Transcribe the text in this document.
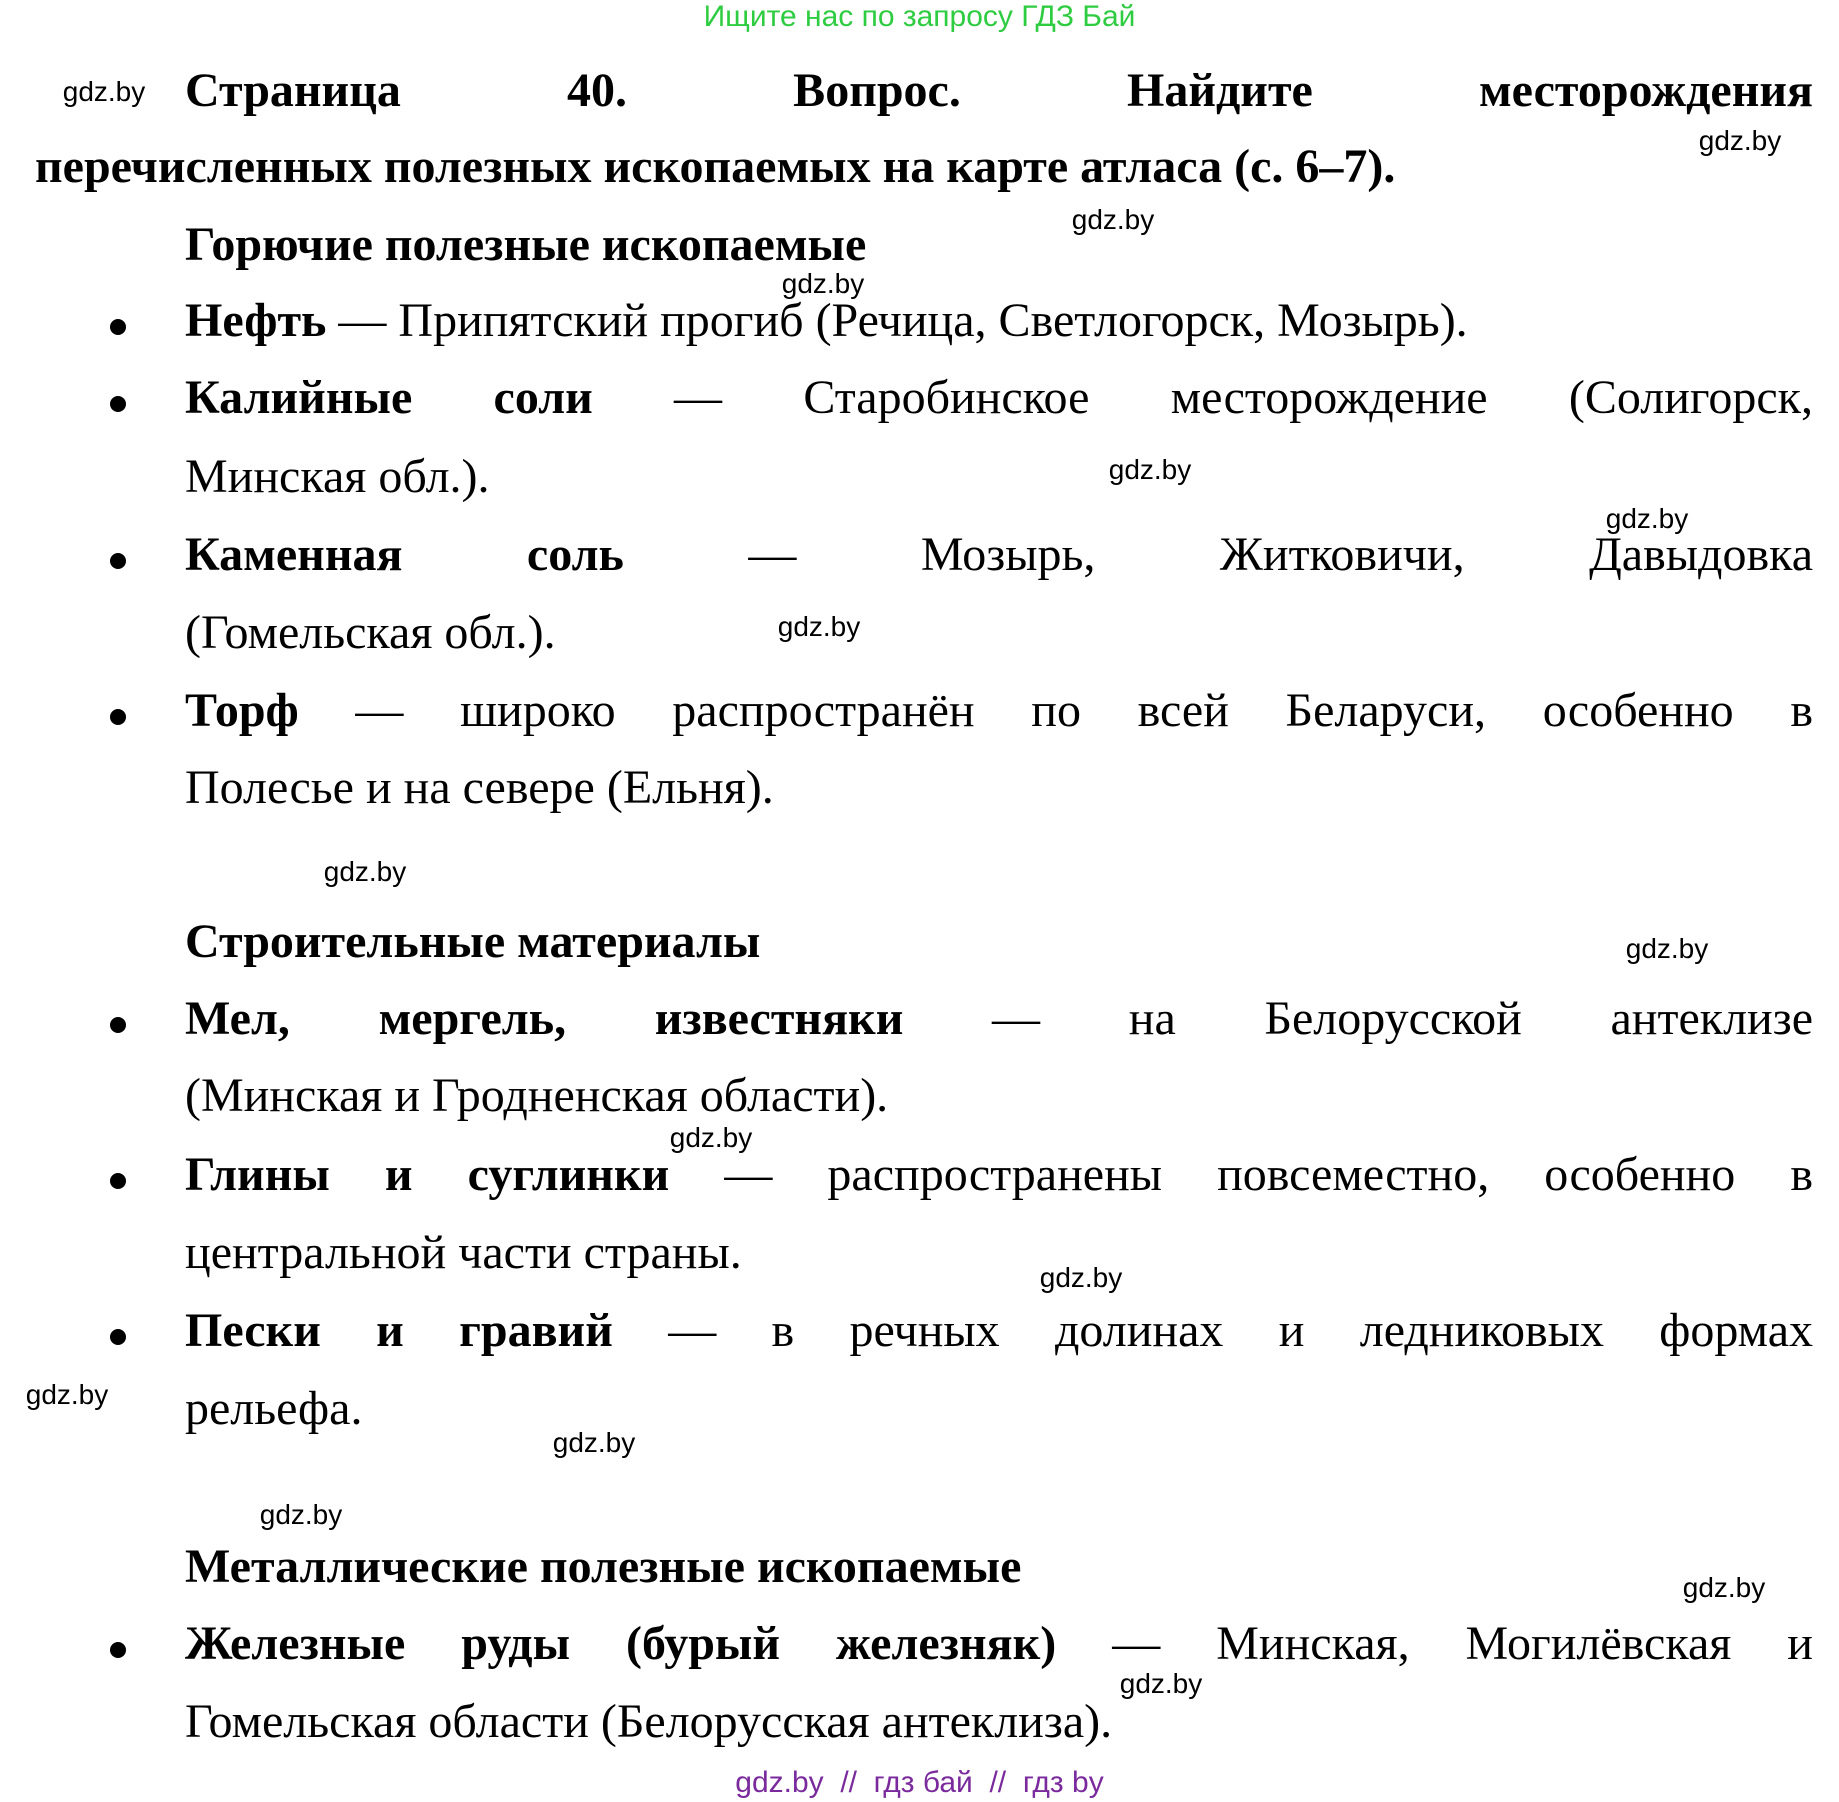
Ищите нас по запросу ГДЗ Бай
Страница 40. Вопрос. Найдите месторождения
перечисленных полезных ископаемых на карте атласа (с. 6–7).
Горючие полезные ископаемые
Нефть — Припятский прогиб (Речица, Светлогорск, Мозырь).
Калийные соли — Старобинское месторождение (Солигорск,
Минская обл.).
Каменная соль — Мозырь, Житковичи, Давыдовка
(Гомельская обл.).
Торф — широко распространён по всей Беларуси, особенно в
Полесье и на севере (Ельня).
Строительные материалы
Мел, мергель, известняки — на Белорусской антеклизе
(Минская и Гродненская области).
Глины и суглинки — распространены повсеместно, особенно в
центральной части страны.
Пески и гравий — в речных долинах и ледниковых формах
рельефа.
Металлические полезные ископаемые
Железные руды (бурый железняк) — Минская, Могилёвская и
Гомельская области (Белорусская антеклиза).
gdz.by  //  гдз бай  //  гдз by
gdz.by
gdz.by
gdz.by
gdz.by
gdz.by
gdz.by
gdz.by
gdz.by
gdz.by
gdz.by
gdz.by
gdz.by
gdz.by
gdz.by
gdz.by
gdz.by
